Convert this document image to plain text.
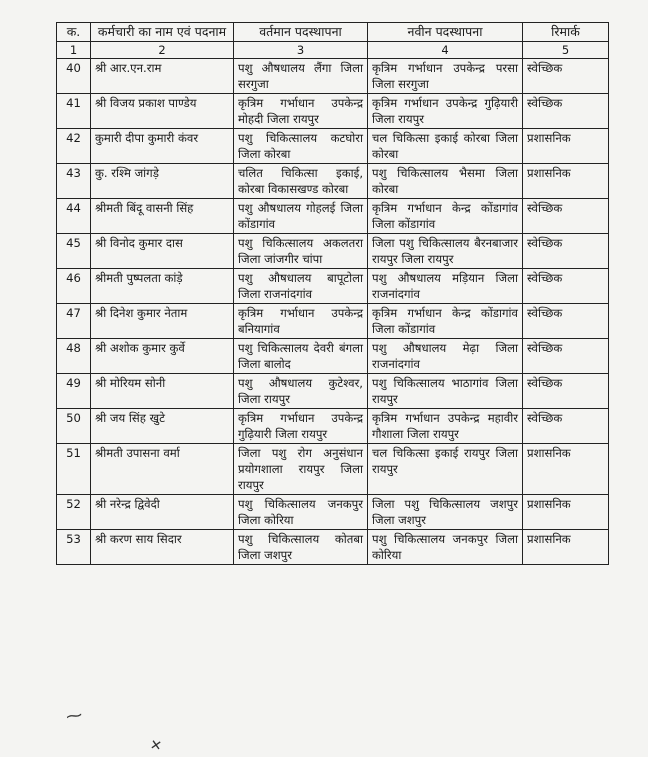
क.	कर्मचारी का नाम एवं पदनाम	वर्तमान पदस्थापना	नवीन पदस्थापना	रिमार्क
1	2	3	4	5
40	श्री आर.एन.राम	पशु औषधालय लैंगा जिला सरगुजा	कृत्रिम गर्भाधान उपकेन्द्र परसा जिला सरगुजा	स्वेच्छिक
41	श्री विजय प्रकाश पाण्डेय	कृत्रिम गर्भाधान उपकेन्द्र मोहदी जिला रायपुर	कृत्रिम गर्भाधान उपकेन्द्र गुढ़ियारी जिला रायपुर	स्वेच्छिक
42	कुमारी दीपा कुमारी कंवर	पशु चिकित्सालय कटघोरा जिला कोरबा	चल चिकित्सा इकाई कोरबा जिला कोरबा	प्रशासनिक
43	कु. रश्मि जांगड़े	चलित चिकित्सा इकाई, कोरबा विकासखण्ड कोरबा	पशु चिकित्सालय भैसमा जिला कोरबा	प्रशासनिक
44	श्रीमती बिंदू वासनी सिंह	पशु औषधालय गोहलई जिला कोंडागांव	कृत्रिम गर्भाधान केन्द्र कोंडागांव जिला कोंडागांव	स्वेच्छिक
45	श्री विनोद कुमार दास	पशु चिकित्सालय अकलतरा जिला जांजगीर चांपा	जिला पशु चिकित्सालय बैरनबाजार रायपुर जिला रायपुर	स्वेच्छिक
46	श्रीमती पुष्पलता कांड़े	पशु औषधालय बापूटोला जिला राजनांदगांव	पशु औषधालय मड़ियान जिला राजनांदगांव	स्वेच्छिक
47	श्री दिनेश कुमार नेताम	कृत्रिम गर्भाधान उपकेन्द्र बनियागांव	कृत्रिम गर्भाधान केन्द्र कोंडागांव जिला कोंडागांव	स्वेच्छिक
48	श्री अशोक कुमार कुर्वे	पशु चिकित्सालय देवरी बंगला जिला बालोद	पशु औषधालय मेढ़ा जिला राजनांदगांव	स्वेच्छिक
49	श्री मोरियम सोनी	पशु औषधालय कुटेश्वर, जिला रायपुर	पशु चिकित्सालय भाठागांव जिला रायपुर	स्वेच्छिक
50	श्री जय सिंह खुटे	कृत्रिम गर्भाधान उपकेन्द्र गुढ़ियारी जिला रायपुर	कृत्रिम गर्भाधान उपकेन्द्र महावीर गौशाला जिला रायपुर	स्वेच्छिक
51	श्रीमती उपासना वर्मा	जिला पशु रोग अनुसंधान प्रयोगशाला रायपुर जिला रायपुर	चल चिकित्सा इकाई रायपुर जिला रायपुर	प्रशासनिक
52	श्री नरेन्द्र द्विवेदी	पशु चिकित्सालय जनकपुर जिला कोरिया	जिला पशु चिकित्सालय जशपुर जिला जशपुर	प्रशासनिक
53	श्री करण साय सिदार	पशु चिकित्सालय कोतबा जिला जशपुर	पशु चिकित्सालय जनकपुर जिला कोरिया	प्रशासनिक
⁓
✕
